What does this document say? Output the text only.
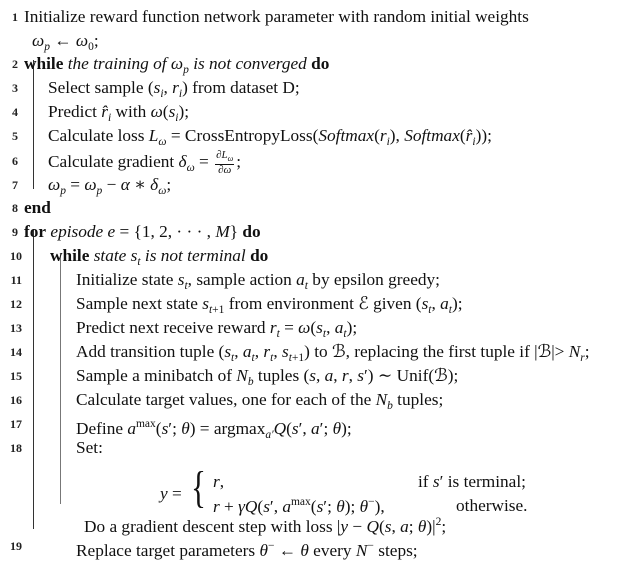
1 Initialize reward function network parameter with random initial weights
$\omega_p$ ← $\omega_0$;
2 while the training of $\omega_p$ is not converged do
3 Select sample ($s_i$, $r_i$) from dataset D;
4 Predict $r̂_i$ with $\omega(s_i)$;
5 Calculate loss $L_\omega$ = $CrossEntropyLoss(Softmax(r_i)$, $Softmax(r̂_i)$);
6 Calculate gradient $\delta_\omega = \frac{\partial L_\omega}{\partial\omega}$ ;
7 $\omega_p = \omega_p - \alpha$ ∗ $\delta_\omega$;
8 end
9 for episode e = {1, 2, · · · , M} do
10 while state $s_t$ is not terminal do
11	Initialize state $s_t$, sample action $a_t$ by epsilon greedy;
12	Sample next state $s_{t+1}$ from environment ℰ given ($s_t$, $a_t$);
13	Predict next receive reward $r_t = \omega(s_t$, $a_t$);
14	Add transition tuple ($s_t$, $a_t$, $r_t$, $s_{t+1}$) to ℬ, replacing the first tuple if |ℬ|> $N_r$;
15	Sample a minibatch of $N_b$ tuples (s, a, r, s′) ∼ Unif(ℬ);
16	Calculate target values, one for each of the $N_b$ tuples;
17	Define $a^{max}(s'$; θ) = argmax$_{a'}$Q(s′, a′; θ);
18	Set:
y = { r,	if s′ is terminal;
r + γQ(s′, $a^{max}(s'$; θ); θ−),	otherwise.
Do a gradient descent step with loss |y − Q(s, a; $\theta)|^2$;
19	Replace target parameters θ− ← θ every N− steps;
